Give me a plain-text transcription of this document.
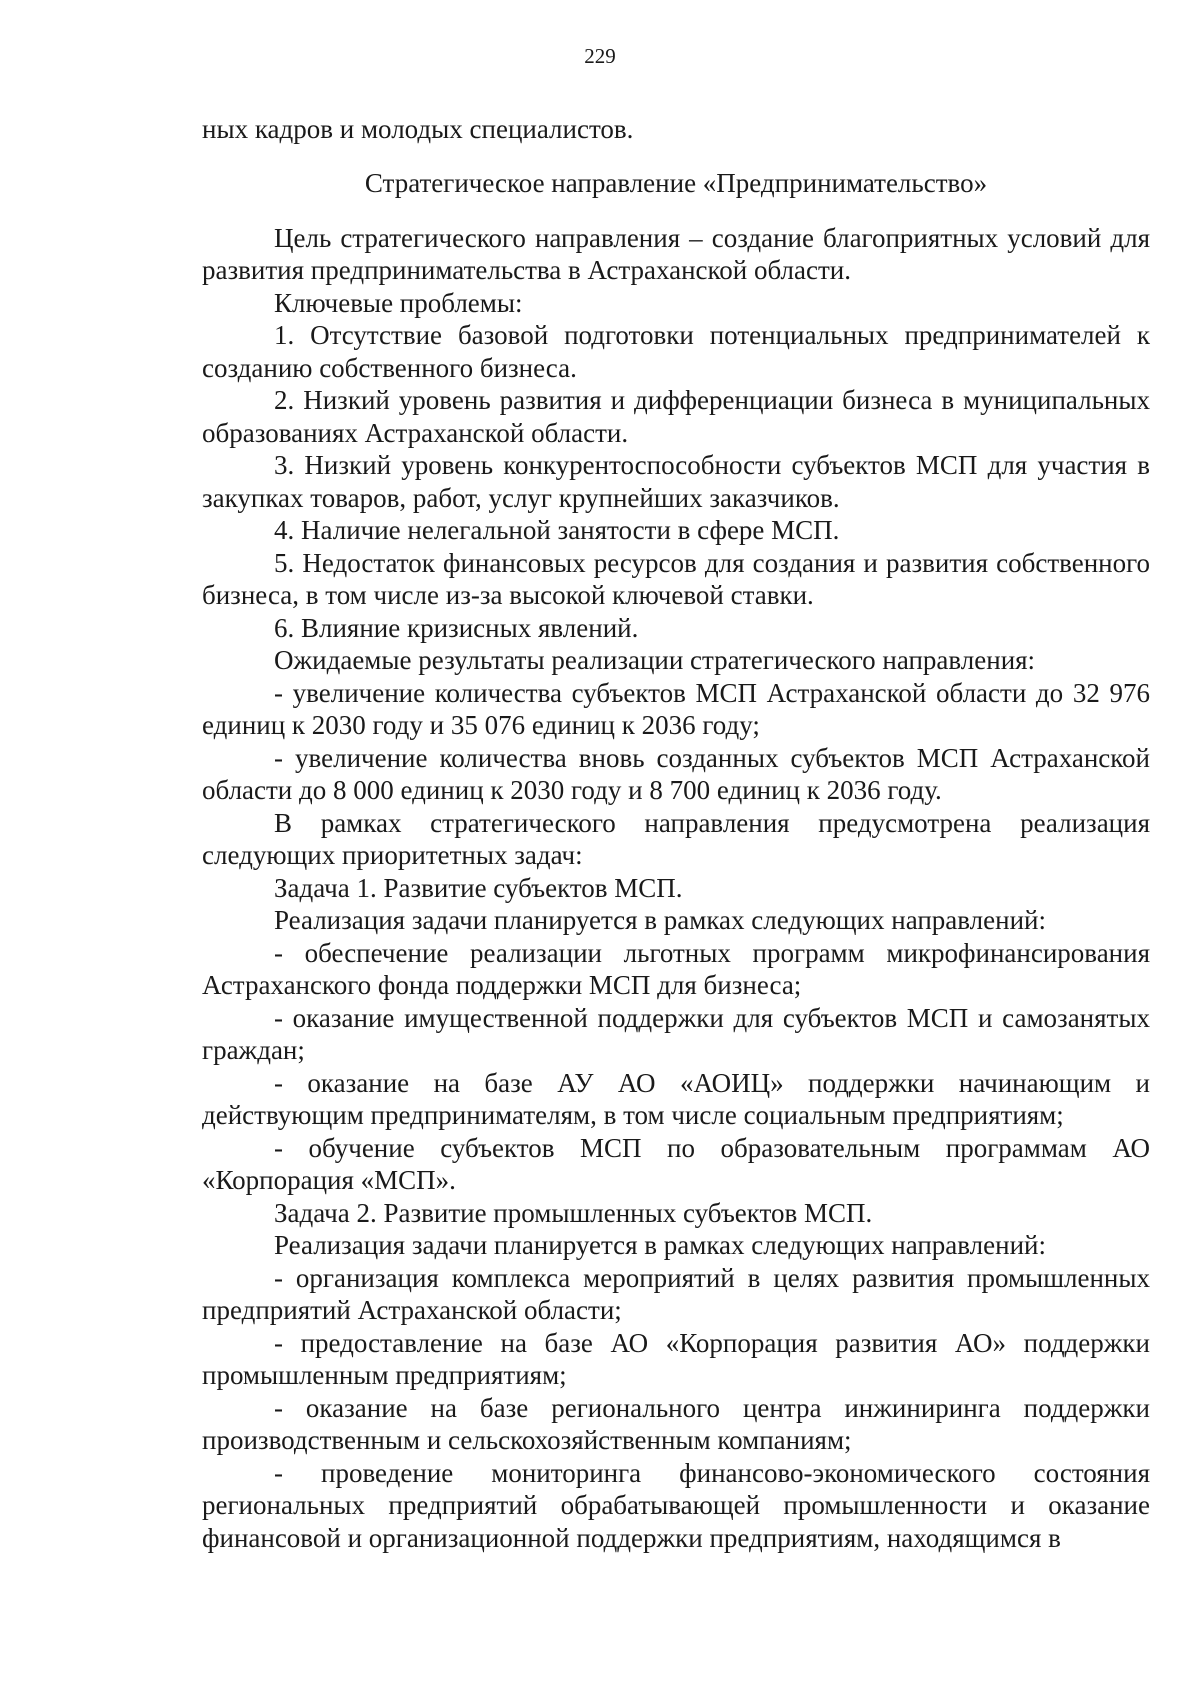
229

ных кадров и молодых специалистов.

Стратегическое направление «Предпринимательство»

Цель стратегического направления – создание благоприятных условий для развития предпринимательства в Астраханской области.

Ключевые проблемы:

1. Отсутствие базовой подготовки потенциальных предпринимателей к созданию собственного бизнеса.

2. Низкий уровень развития и дифференциации бизнеса в муниципальных образованиях Астраханской области.

3. Низкий уровень конкурентоспособности субъектов МСП для участия в закупках товаров, работ, услуг крупнейших заказчиков.

4. Наличие нелегальной занятости в сфере МСП.

5. Недостаток финансовых ресурсов для создания и развития собственного бизнеса, в том числе из-за высокой ключевой ставки.

6. Влияние кризисных явлений.

Ожидаемые результаты реализации стратегического направления:

- увеличение количества субъектов МСП Астраханской области до 32 976 единиц к 2030 году и 35 076 единиц к 2036 году;

- увеличение количества вновь созданных субъектов МСП Астраханской области до 8 000 единиц к 2030 году и 8 700 единиц к 2036 году.

В рамках стратегического направления предусмотрена реализация следующих приоритетных задач:

Задача 1. Развитие субъектов МСП.

Реализация задачи планируется в рамках следующих направлений:

- обеспечение реализации льготных программ микрофинансирования Астраханского фонда поддержки МСП для бизнеса;

- оказание имущественной поддержки для субъектов МСП и самозанятых граждан;

- оказание на базе АУ АО «АОИЦ» поддержки начинающим и действующим предпринимателям, в том числе социальным предприятиям;

- обучение субъектов МСП по образовательным программам АО «Корпорация «МСП».

Задача 2. Развитие промышленных субъектов МСП.

Реализация задачи планируется в рамках следующих направлений:

- организация комплекса мероприятий в целях развития промышленных предприятий Астраханской области;

- предоставление на базе АО «Корпорация развития АО» поддержки промышленным предприятиям;

- оказание на базе регионального центра инжиниринга поддержки производственным и сельскохозяйственным компаниям;

- проведение мониторинга финансово-экономического состояния региональных предприятий обрабатывающей промышленности и оказание финансовой и организационной поддержки предприятиям, находящимся в
